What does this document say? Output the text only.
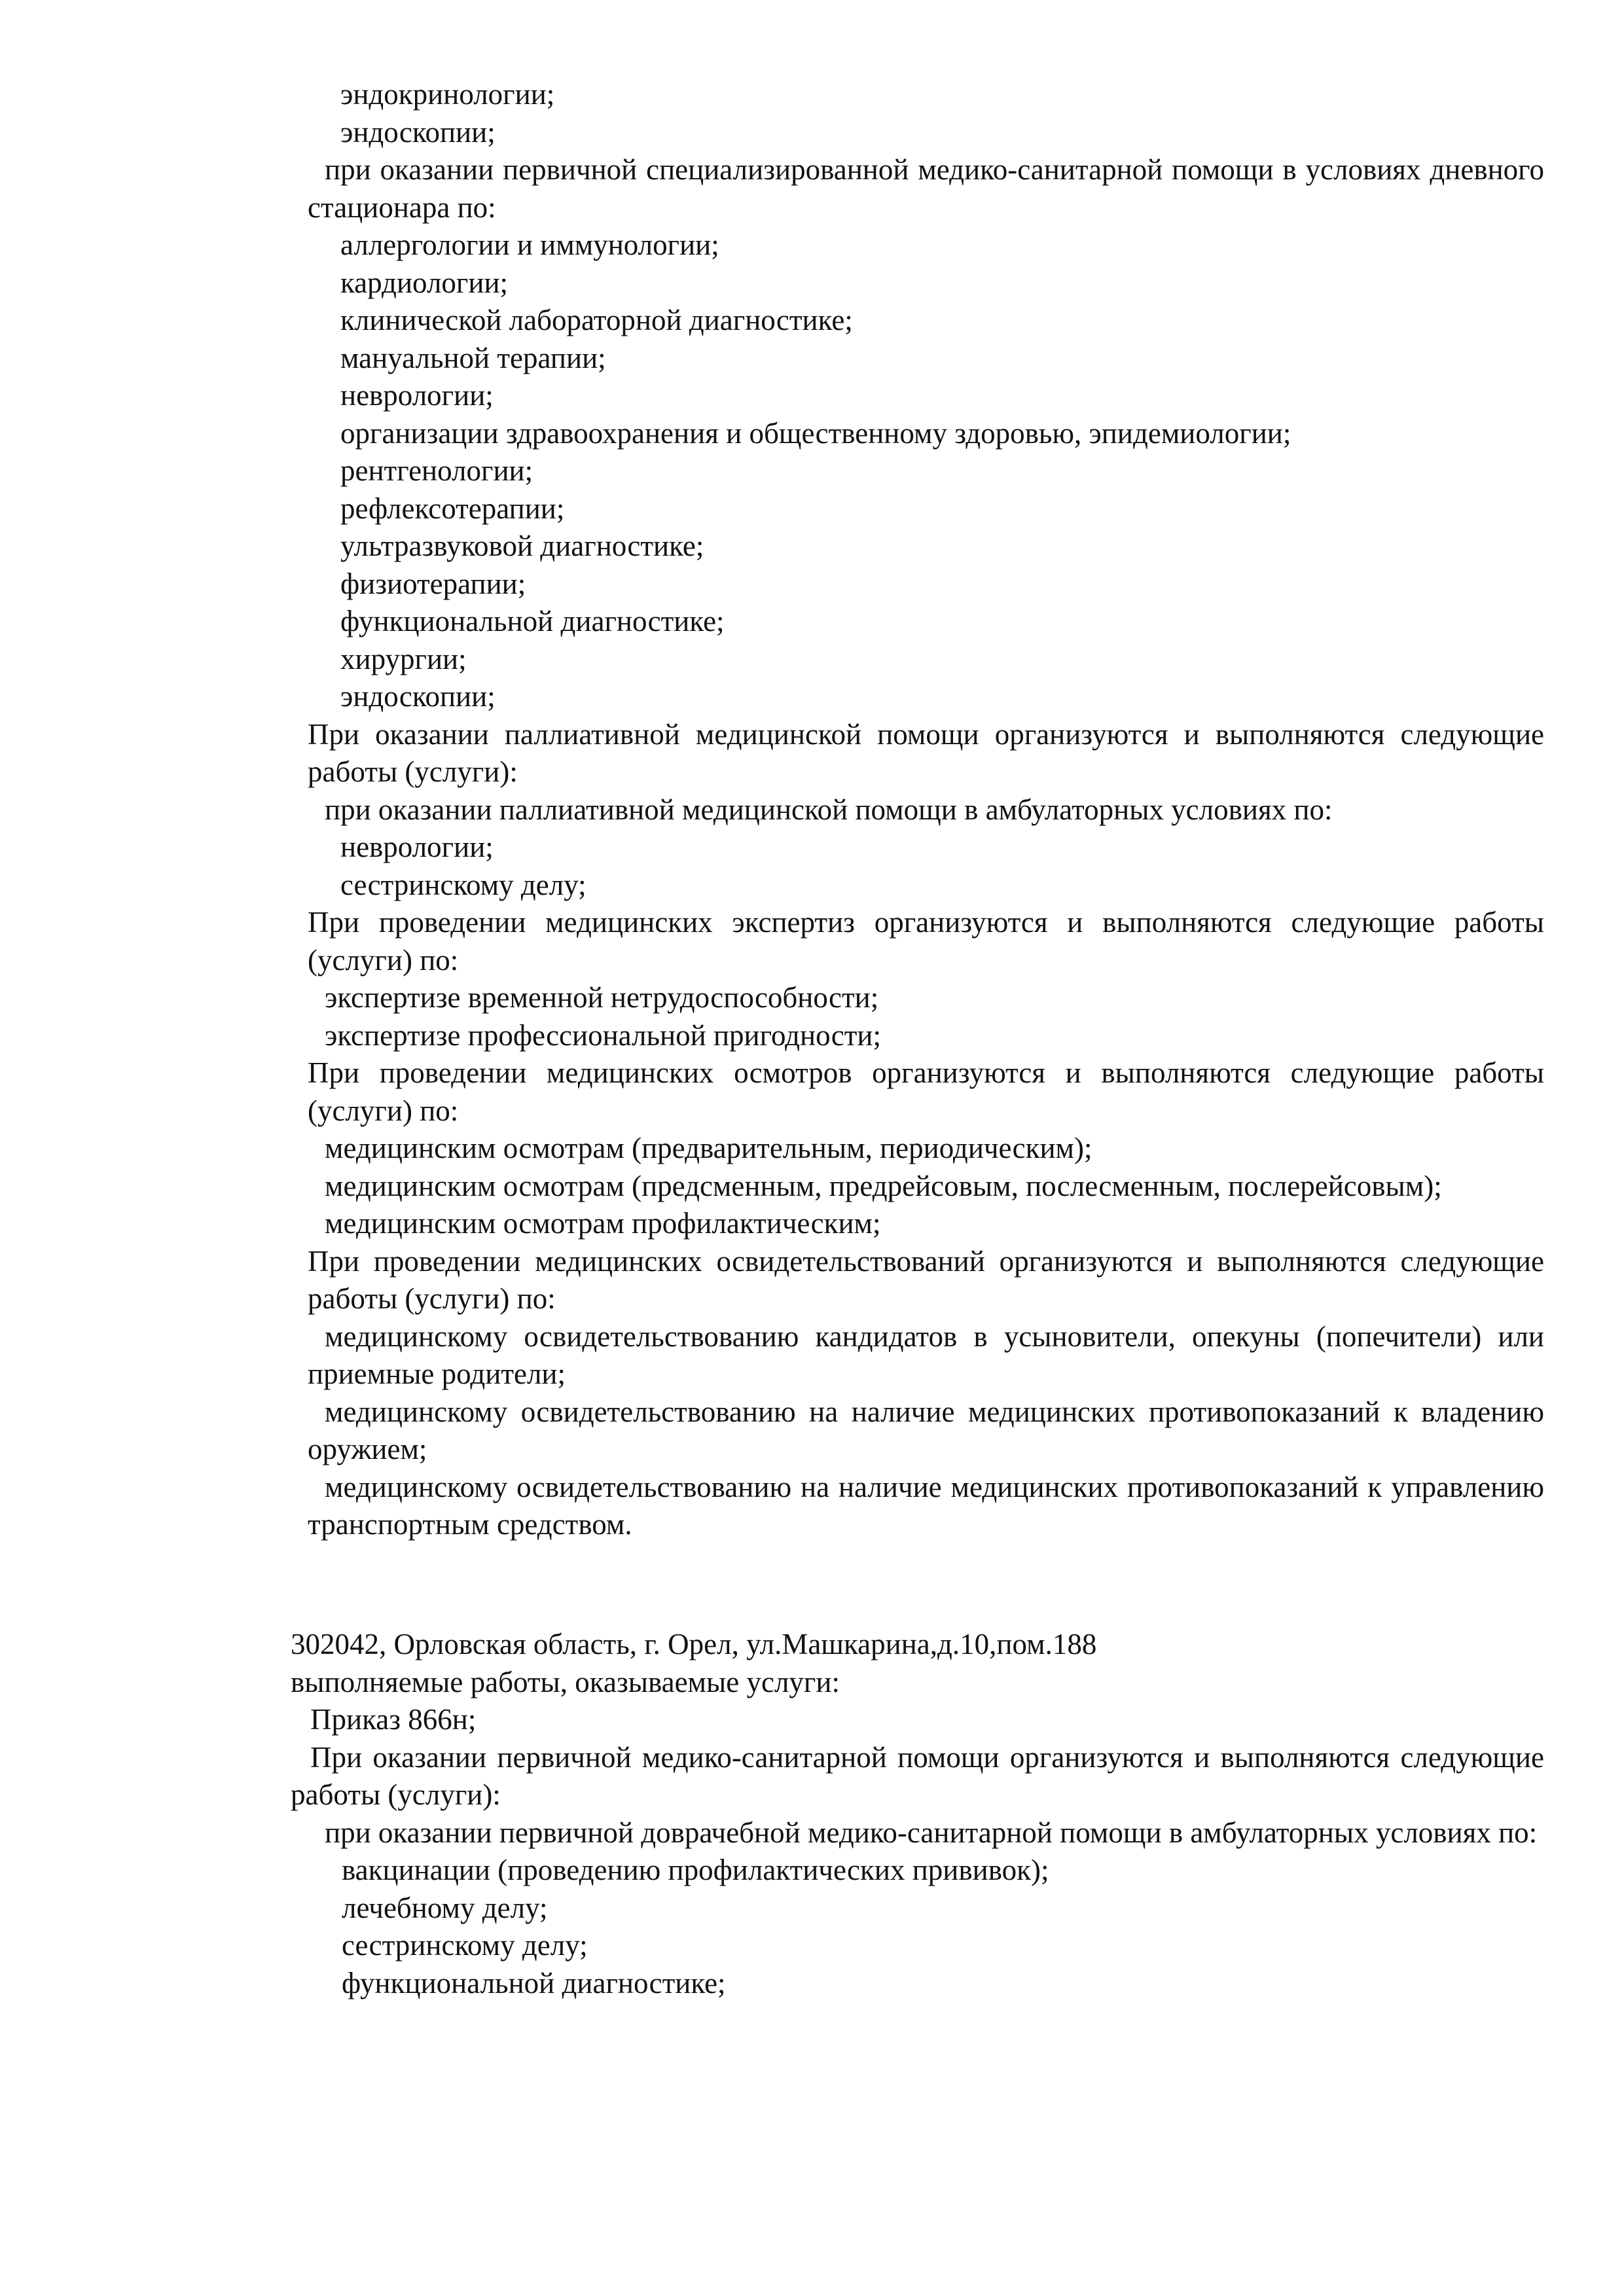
эндокринологии;

эндоскопии;

при оказании первичной специализированной медико-санитарной помощи в условиях дневного стационара по:

аллергологии и иммунологии;

кардиологии;

клинической лабораторной диагностике;

мануальной терапии;

неврологии;

организации здравоохранения и общественному здоровью, эпидемиологии;

рентгенологии;

рефлексотерапии;

ультразвуковой диагностике;

физиотерапии;

функциональной диагностике;

хирургии;

эндоскопии;

При оказании паллиативной медицинской помощи организуются и выполняются следующие работы (услуги):

при оказании паллиативной медицинской помощи в амбулаторных условиях по:

неврологии;

сестринскому делу;

При проведении медицинских экспертиз организуются и выполняются следующие работы (услуги) по:

экспертизе временной нетрудоспособности;

экспертизе профессиональной пригодности;

При проведении медицинских осмотров организуются и выполняются следующие работы (услуги) по:

медицинским осмотрам (предварительным, периодическим);

медицинским осмотрам (предсменным, предрейсовым, послесменным, послерейсовым);

медицинским осмотрам профилактическим;

При проведении медицинских освидетельствований организуются и выполняются следующие работы (услуги) по:

медицинскому освидетельствованию кандидатов в усыновители, опекуны (попечители) или приемные родители;

медицинскому освидетельствованию на наличие медицинских противопоказаний к владению оружием;

медицинскому освидетельствованию на наличие медицинских противопоказаний к управлению транспортным средством.

302042, Орловская область, г. Орел, ул.Машкарина,д.10,пом.188

выполняемые работы, оказываемые услуги:

Приказ 866н;

При оказании первичной медико-санитарной помощи организуются и выполняются следующие работы (услуги):

при оказании первичной доврачебной медико-санитарной помощи в амбулаторных условиях по:

вакцинации (проведению профилактических прививок);

лечебному делу;

сестринскому делу;

функциональной диагностике;
